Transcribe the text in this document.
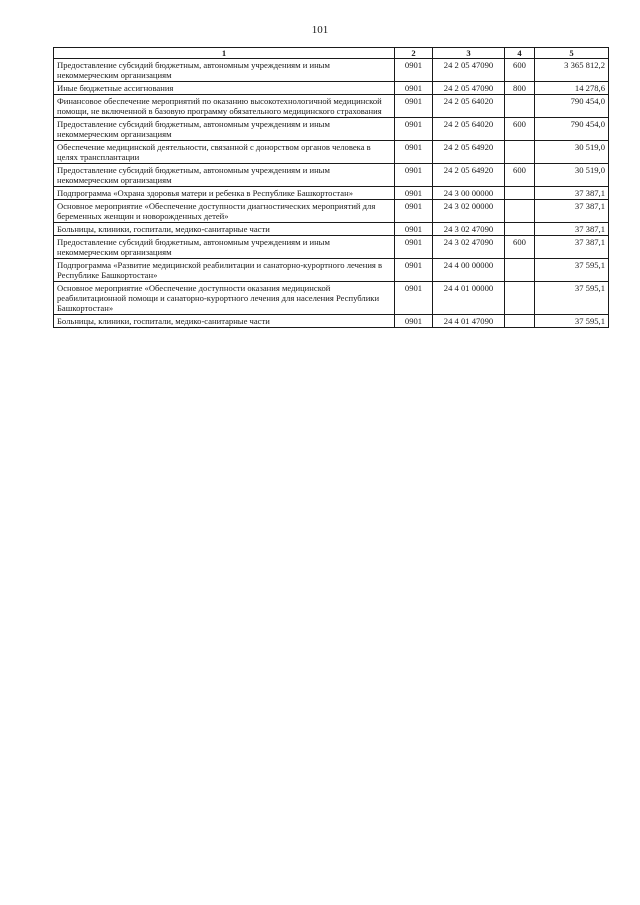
101
1	2	3	4	5
Предоставление субсидий бюджетным, автономным учреждениям и иным некоммерческим организациям	0901	24 2 05 47090	600	3 365 812,2
Иные бюджетные ассигнования	0901	24 2 05 47090	800	14 278,6
Финансовое обеспечение мероприятий по оказанию высокотехнологичной медицинской помощи, не включенной в базовую программу обязательного медицинского страхования	0901	24 2 05 64020		790 454,0
Предоставление субсидий бюджетным, автономным учреждениям и иным некоммерческим организациям	0901	24 2 05 64020	600	790 454,0
Обеспечение медицинской деятельности, связанной с донорством органов человека в целях трансплантации	0901	24 2 05 64920		30 519,0
Предоставление субсидий бюджетным, автономным учреждениям и иным некоммерческим организациям	0901	24 2 05 64920	600	30 519,0
Подпрограмма «Охрана здоровья матери и ребенка в Республике Башкортостан»	0901	24 3 00 00000		37 387,1
Основное мероприятие «Обеспечение доступности диагностических мероприятий для беременных женщин и новорожденных детей»	0901	24 3 02 00000		37 387,1
Больницы, клиники, госпитали, медико-санитарные части	0901	24 3 02 47090		37 387,1
Предоставление субсидий бюджетным, автономным учреждениям и иным некоммерческим организациям	0901	24 3 02 47090	600	37 387,1
Подпрограмма «Развитие медицинской реабилитации и санаторно-курортного лечения в Республике Башкортостан»	0901	24 4 00 00000		37 595,1
Основное мероприятие «Обеспечение доступности оказания медицинской реабилитационной помощи и санаторно-курортного лечения для населения Республики Башкортостан»	0901	24 4 01 00000		37 595,1
Больницы, клиники, госпитали, медико-санитарные части	0901	24 4 01 47090		37 595,1
